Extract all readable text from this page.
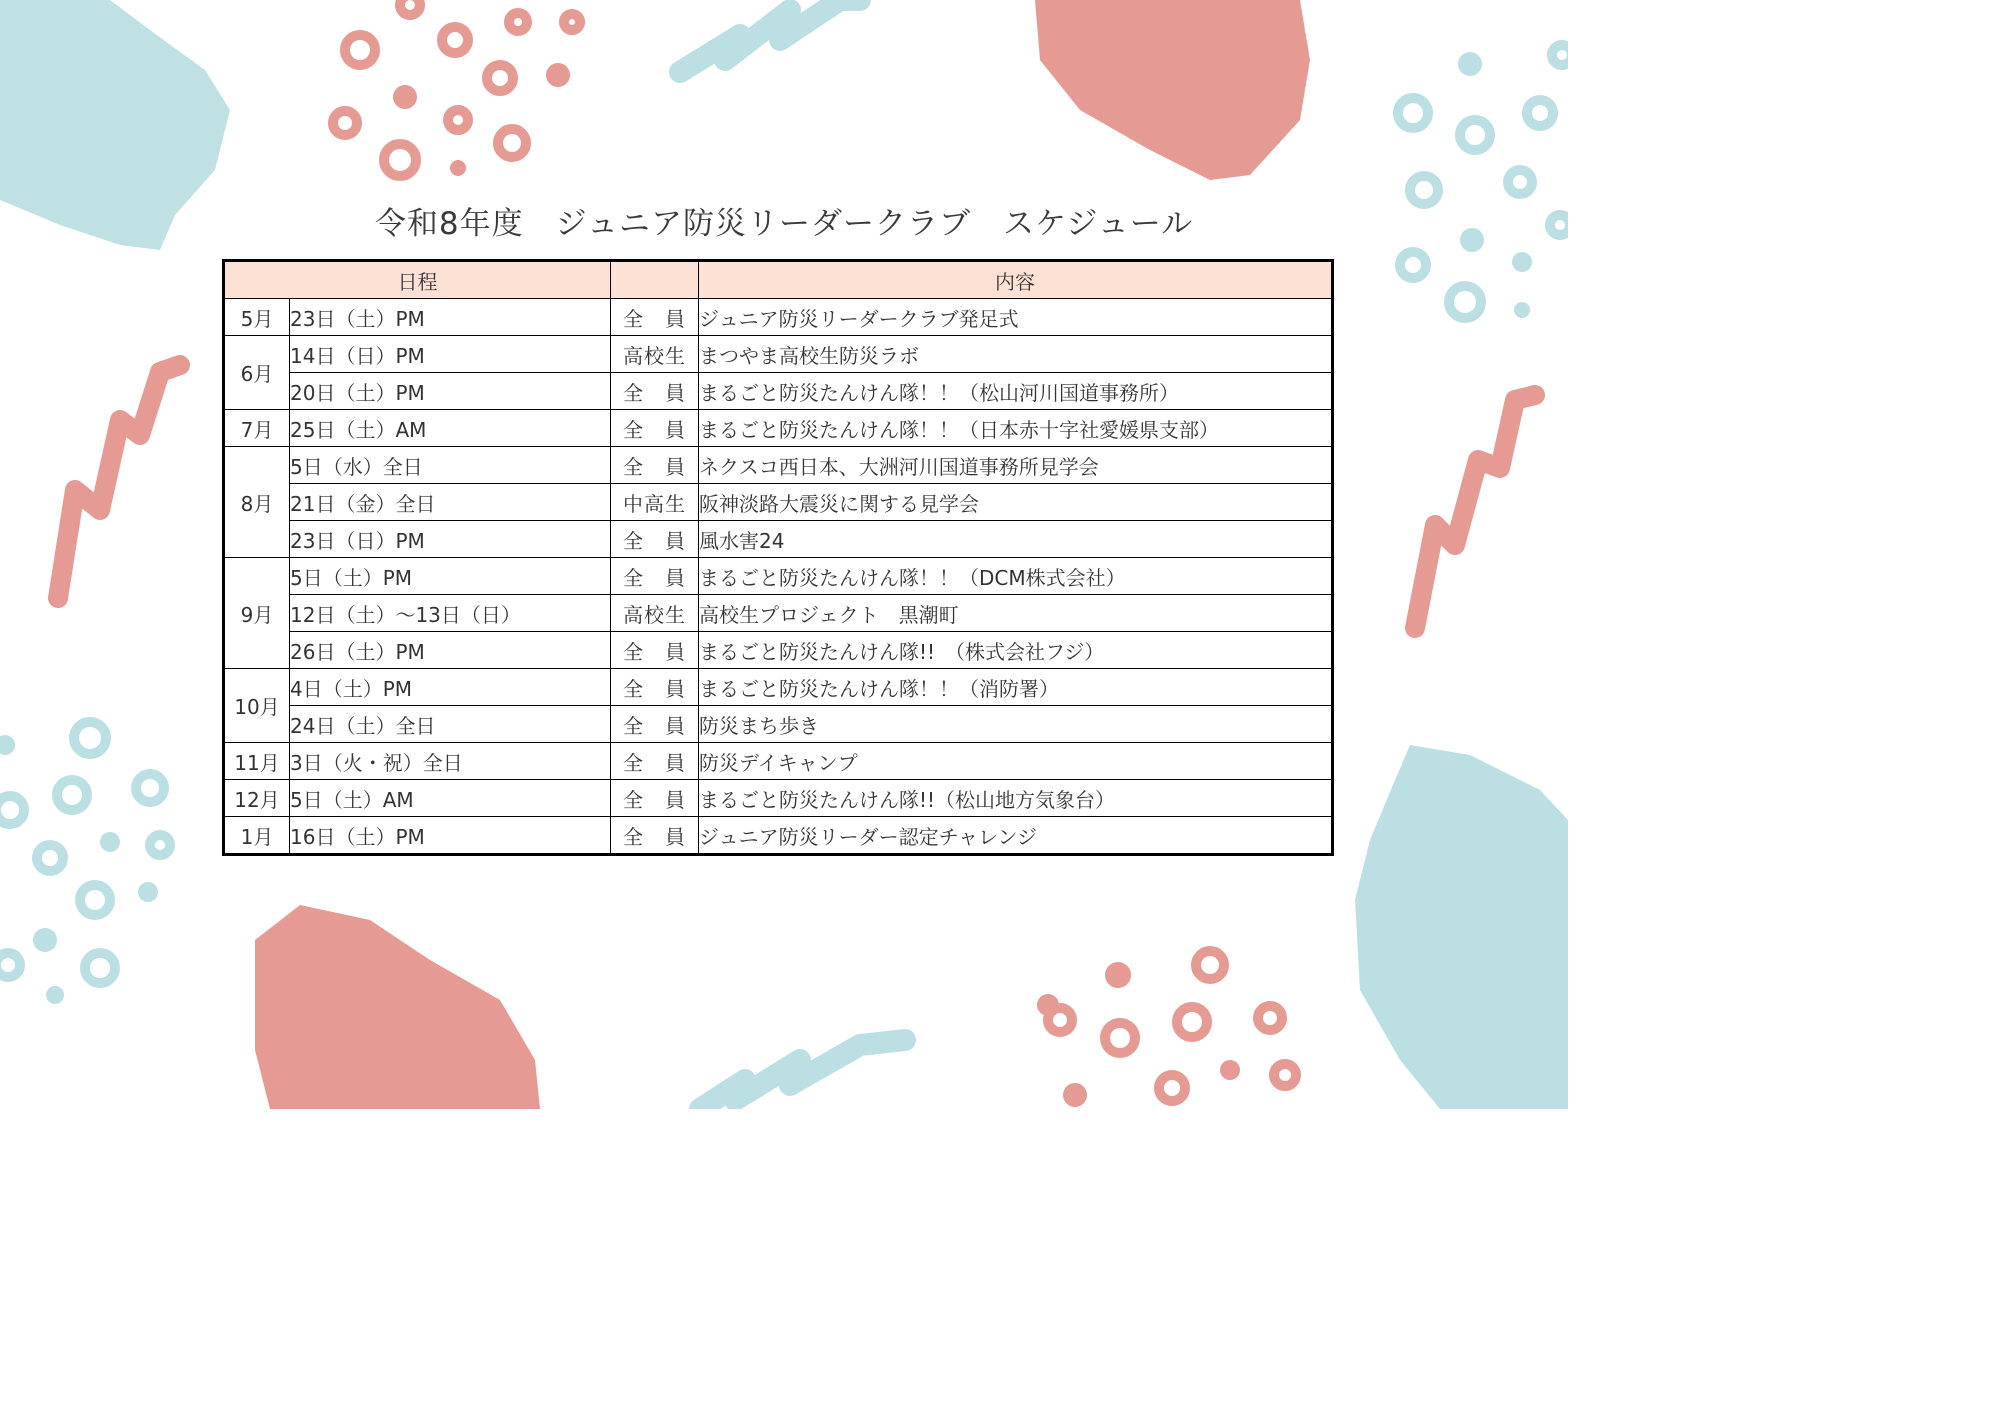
令和8年度　ジュニア防災リーダークラブ　スケジュール
日程			内容
5月	23日（土）PM	全　員	ジュニア防災リーダークラブ発足式
6月	14日（日）PM	高校生	まつやま高校生防災ラボ
	20日（土）PM	全　員	まるごと防災たんけん隊！！（松山河川国道事務所）
7月	25日（土）AM	全　員	まるごと防災たんけん隊！！（日本赤十字社愛媛県支部）
8月	5日（水）全日	全　員	ネクスコ西日本、大洲河川国道事務所見学会
	21日（金）全日	中高生	阪神淡路大震災に関する見学会
	23日（日）PM	全　員	風水害24
9月	5日（土）PM	全　員	まるごと防災たんけん隊！！（DCM株式会社）
	12日（土）～13日（日）	高校生	高校生プロジェクト　黒潮町
	26日（土）PM	全　員	まるごと防災たんけん隊!!　（株式会社フジ）
10月	4日（土）PM	全　員	まるごと防災たんけん隊！！（消防署）
	24日（土）全日	全　員	防災まち歩き
11月	3日（火・祝）全日	全　員	防災デイキャンプ
12月	5日（土）AM	全　員	まるごと防災たんけん隊!!（松山地方気象台）
1月	16日（土）PM	全　員	ジュニア防災リーダー認定チャレンジ
